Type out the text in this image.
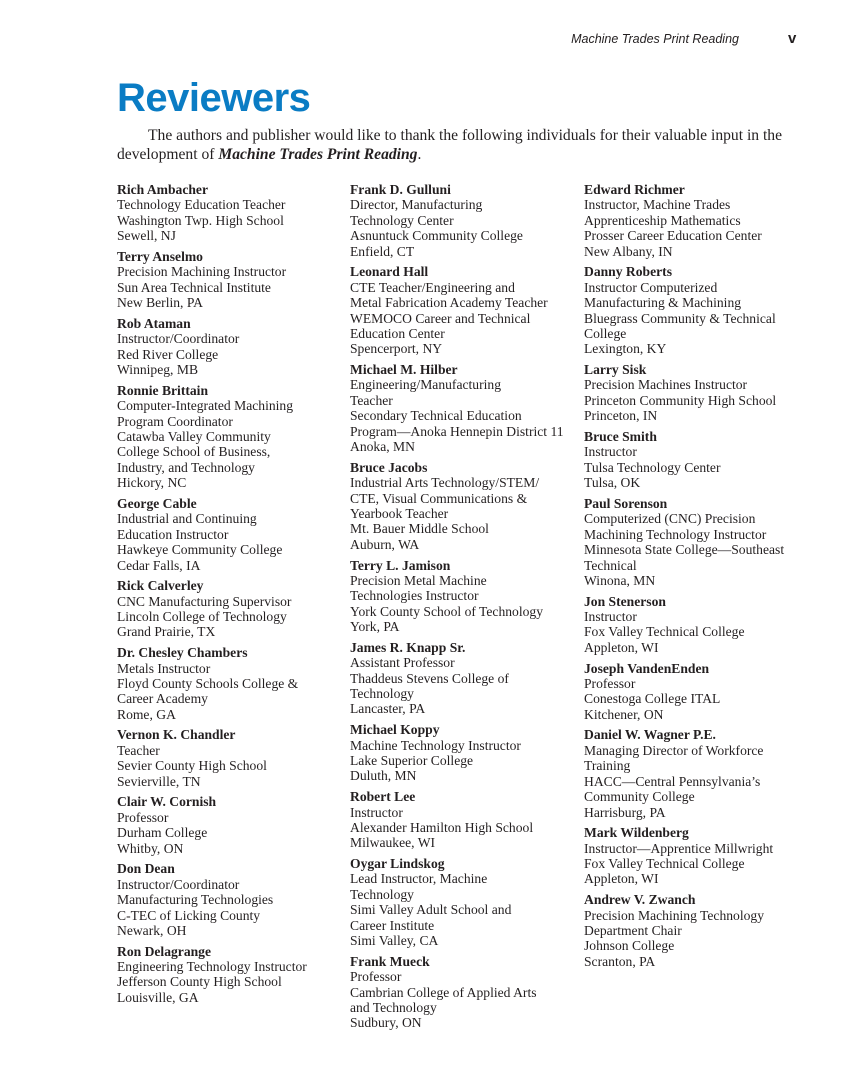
Machine Trades Print Reading	v
Reviewers
The authors and publisher would like to thank the following individuals for their valuable input in the development of Machine Trades Print Reading.
Rich Ambacher
Technology Education Teacher
Washington Twp. High School
Sewell, NJ
Terry Anselmo
Precision Machining Instructor
Sun Area Technical Institute
New Berlin, PA
Rob Ataman
Instructor/Coordinator
Red River College
Winnipeg, MB
Ronnie Brittain
Computer-Integrated Machining
Program Coordinator
Catawba Valley Community
College School of Business,
Industry, and Technology
Hickory, NC
George Cable
Industrial and Continuing
Education Instructor
Hawkeye Community College
Cedar Falls, IA
Rick Calverley
CNC Manufacturing Supervisor
Lincoln College of Technology
Grand Prairie, TX
Dr. Chesley Chambers
Metals Instructor
Floyd County Schools College &
Career Academy
Rome, GA
Vernon K. Chandler
Teacher
Sevier County High School
Sevierville, TN
Clair W. Cornish
Professor
Durham College
Whitby, ON
Don Dean
Instructor/Coordinator
Manufacturing Technologies
C-TEC of Licking County
Newark, OH
Ron Delagrange
Engineering Technology Instructor
Jefferson County High School
Louisville, GA
Frank D. Gulluni
Director, Manufacturing
Technology Center
Asnuntuck Community College
Enfield, CT
Leonard Hall
CTE Teacher/Engineering and
Metal Fabrication Academy Teacher
WEMOCO Career and Technical
Education Center
Spencerport, NY
Michael M. Hilber
Engineering/Manufacturing
Teacher
Secondary Technical Education
Program—Anoka Hennepin District 11
Anoka, MN
Bruce Jacobs
Industrial Arts Technology/STEM/
CTE, Visual Communications &
Yearbook Teacher
Mt. Bauer Middle School
Auburn, WA
Terry L. Jamison
Precision Metal Machine
Technologies Instructor
York County School of Technology
York, PA
James R. Knapp Sr.
Assistant Professor
Thaddeus Stevens College of
Technology
Lancaster, PA
Michael Koppy
Machine Technology Instructor
Lake Superior College
Duluth, MN
Robert Lee
Instructor
Alexander Hamilton High School
Milwaukee, WI
Oygar Lindskog
Lead Instructor, Machine
Technology
Simi Valley Adult School and
Career Institute
Simi Valley, CA
Frank Mueck
Professor
Cambrian College of Applied Arts
and Technology
Sudbury, ON
Edward Richmer
Instructor, Machine Trades
Apprenticeship Mathematics
Prosser Career Education Center
New Albany, IN
Danny Roberts
Instructor Computerized
Manufacturing & Machining
Bluegrass Community & Technical
College
Lexington, KY
Larry Sisk
Precision Machines Instructor
Princeton Community High School
Princeton, IN
Bruce Smith
Instructor
Tulsa Technology Center
Tulsa, OK
Paul Sorenson
Computerized (CNC) Precision
Machining Technology Instructor
Minnesota State College—Southeast
Technical
Winona, MN
Jon Stenerson
Instructor
Fox Valley Technical College
Appleton, WI
Joseph VandenEnden
Professor
Conestoga College ITAL
Kitchener, ON
Daniel W. Wagner P.E.
Managing Director of Workforce
Training
HACC—Central Pennsylvania’s
Community College
Harrisburg, PA
Mark Wildenberg
Instructor—Apprentice Millwright
Fox Valley Technical College
Appleton, WI
Andrew V. Zwanch
Precision Machining Technology
Department Chair
Johnson College
Scranton, PA
